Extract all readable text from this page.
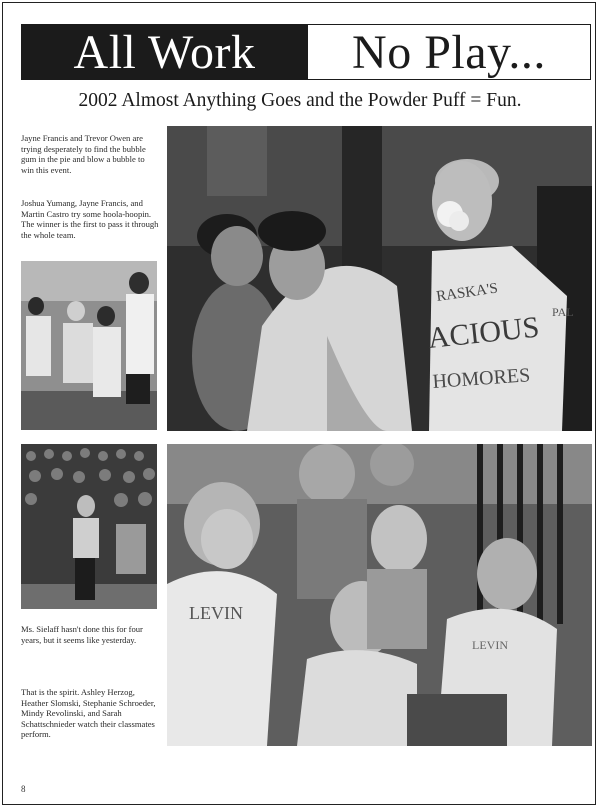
All Work	No Play...
2002 Almost Anything Goes and the Powder Puff = Fun.
Jayne Francis and Trevor Owen are trying desperately to find the bubble gum in the pie and blow a bubble to win this event.
Joshua Yumang, Jayne Francis, and Martin Castro try some hoola-hoopin. The winner is the first to pass it through the whole team.
Ms. Sielaff hasn't done this for four years, but it seems like yesterday.
That is the spirit. Ashley Herzog, Heather Slomski, Stephanie Schroeder, Mindy Revolinski, and Sarah Schattschnieder watch their classmates perform.
RASKA'S
ACIOUS
HOMORES
PAL
LEVIN
LEVIN
8
